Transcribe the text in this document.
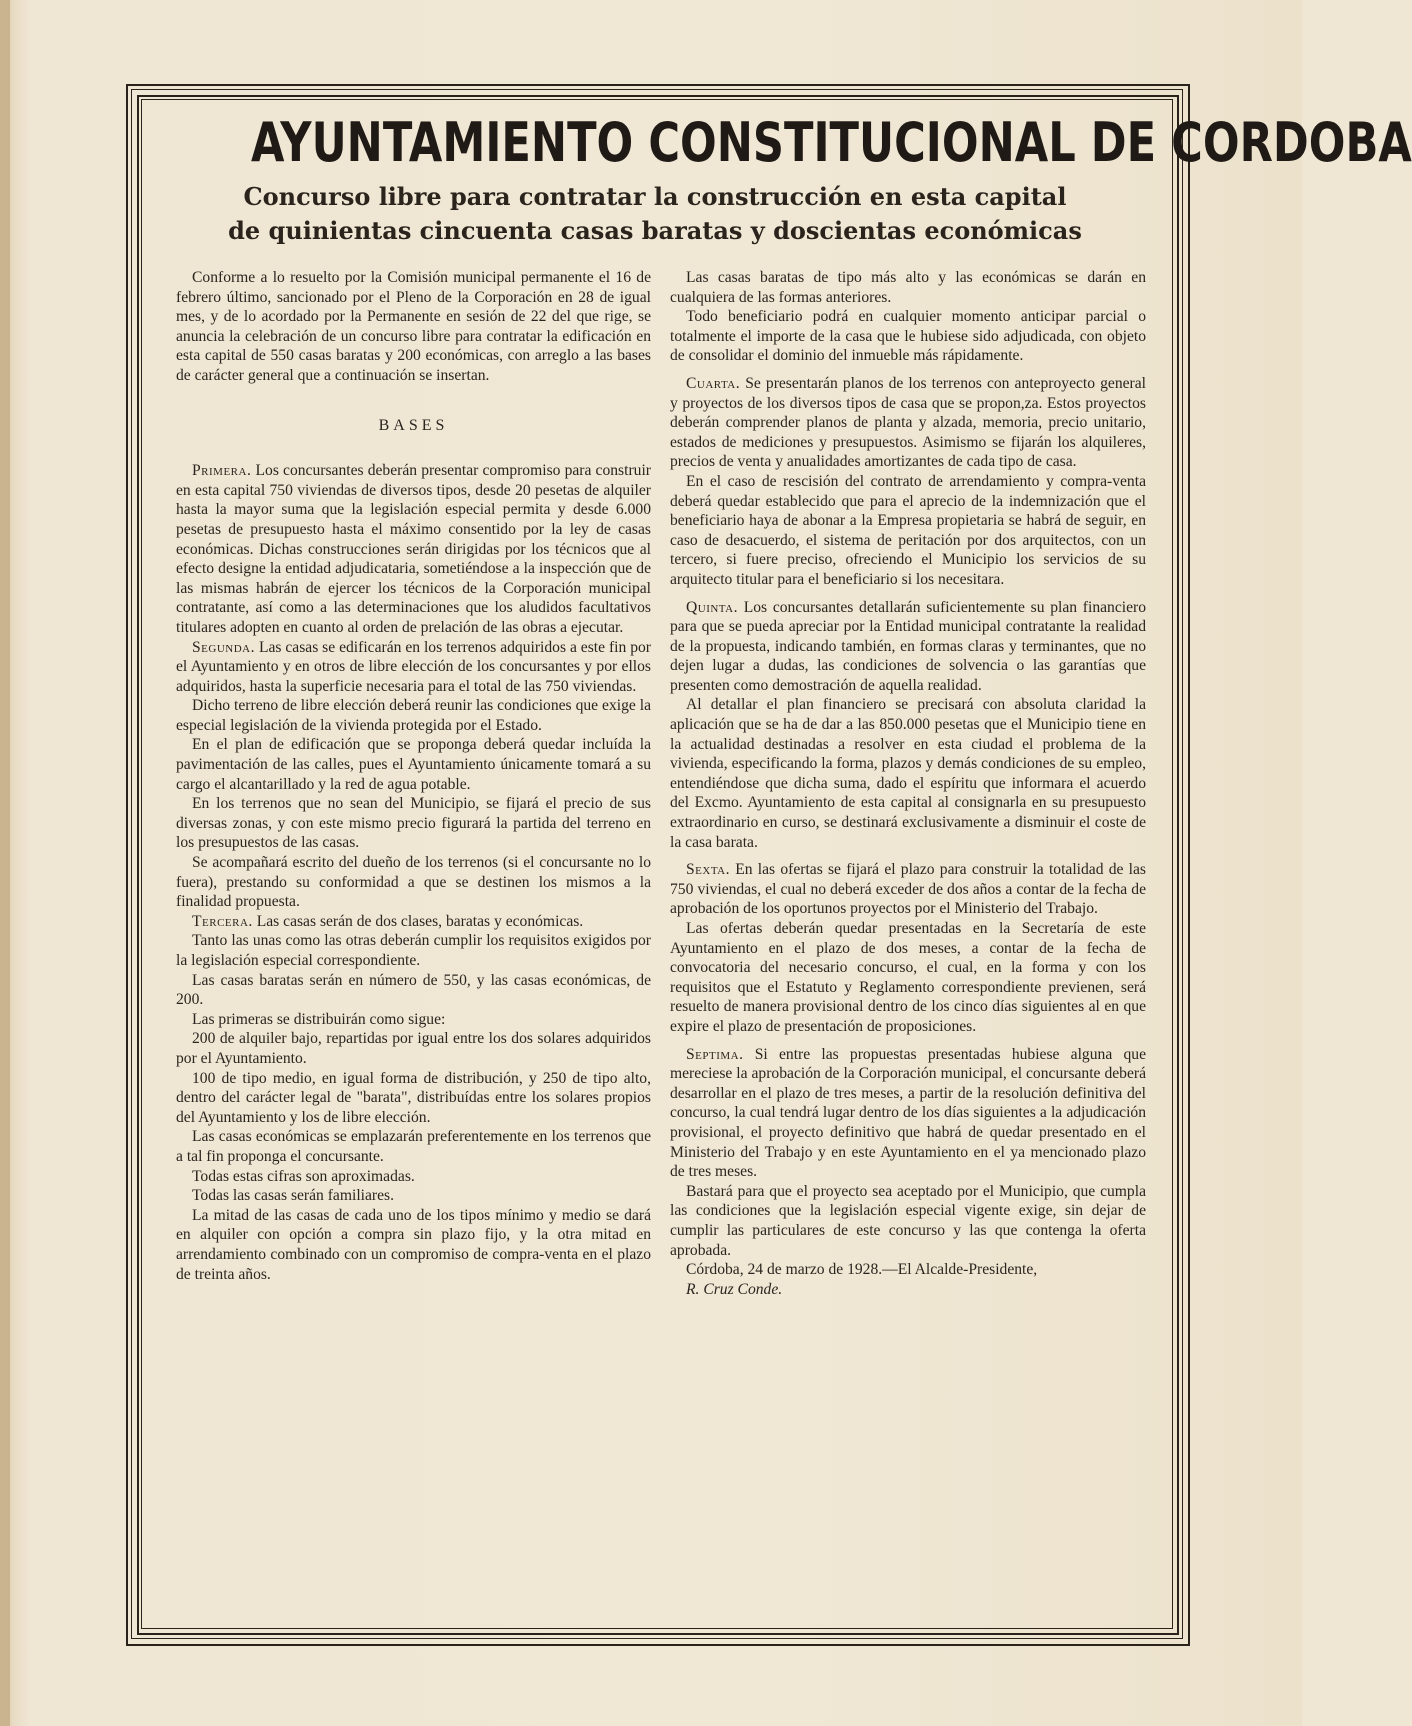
AYUNTAMIENTO CONSTITUCIONAL DE CORDOBA
Concurso libre para contratar la construcción en esta capital
de quinientas cincuenta casas baratas y doscientas económicas

Conforme a lo resuelto por la Comisión municipal permanente el 16 de febrero último, sancionado por el Pleno de la Corporación en 28 de igual mes, y de lo acordado por la Permanente en sesión de 22 del que rige, se anuncia la celebración de un concurso libre para contratar la edificación en esta capital de 550 casas baratas y 200 económicas, con arreglo a las bases de carácter general que a continuación se insertan.

BASES

Primera. Los concursantes deberán presentar compromiso para construir en esta capital 750 viviendas de diversos tipos, desde 20 pesetas de alquiler hasta la mayor suma que la legislación especial permita y desde 6.000 pesetas de presupuesto hasta el máximo consentido por la ley de casas económicas. Dichas construcciones serán dirigidas por los técnicos que al efecto designe la entidad adjudicataria, sometiéndose a la inspección que de las mismas habrán de ejercer los técnicos de la Corporación municipal contratante, así como a las determinaciones que los aludidos facultativos titulares adopten en cuanto al orden de prelación de las obras a ejecutar.

Segunda. Las casas se edificarán en los terrenos adquiridos a este fin por el Ayuntamiento y en otros de libre elección de los concursantes y por ellos adquiridos, hasta la superficie necesaria para el total de las 750 viviendas.

Dicho terreno de libre elección deberá reunir las condiciones que exige la especial legislación de la vivienda protegida por el Estado.

En el plan de edificación que se proponga deberá quedar incluída la pavimentación de las calles, pues el Ayuntamiento únicamente tomará a su cargo el alcantarillado y la red de agua potable.

En los terrenos que no sean del Municipio, se fijará el precio de sus diversas zonas, y con este mismo precio figurará la partida del terreno en los presupuestos de las casas.

Se acompañará escrito del dueño de los terrenos (si el concursante no lo fuera), prestando su conformidad a que se destinen los mismos a la finalidad propuesta.

Tercera. Las casas serán de dos clases, baratas y económicas.

Tanto las unas como las otras deberán cumplir los requisitos exigidos por la legislación especial correspondiente.

Las casas baratas serán en número de 550, y las casas económicas, de 200.

Las primeras se distribuirán como sigue:

200 de alquiler bajo, repartidas por igual entre los dos solares adquiridos por el Ayuntamiento.

100 de tipo medio, en igual forma de distribución, y 250 de tipo alto, dentro del carácter legal de "barata", distribuídas entre los solares propios del Ayuntamiento y los de libre elección.

Las casas económicas se emplazarán preferentemente en los terrenos que a tal fin proponga el concursante.

Todas estas cifras son aproximadas.

Todas las casas serán familiares.

La mitad de las casas de cada uno de los tipos mínimo y medio se dará en alquiler con opción a compra sin plazo fijo, y la otra mitad en arrendamiento combinado con un compromiso de compra-venta en el plazo de treinta años.

Las casas baratas de tipo más alto y las económicas se darán en cualquiera de las formas anteriores.

Todo beneficiario podrá en cualquier momento anticipar parcial o totalmente el importe de la casa que le hubiese sido adjudicada, con objeto de consolidar el dominio del inmueble más rápidamente.

Cuarta. Se presentarán planos de los terrenos con anteproyecto general y proyectos de los diversos tipos de casa que se propon,za. Estos proyectos deberán comprender planos de planta y alzada, memoria, precio unitario, estados de mediciones y presupuestos. Asimismo se fijarán los alquileres, precios de venta y anualidades amortizantes de cada tipo de casa.

En el caso de rescisión del contrato de arrendamiento y compra-venta deberá quedar establecido que para el aprecio de la indemnización que el beneficiario haya de abonar a la Empresa propietaria se habrá de seguir, en caso de desacuerdo, el sistema de peritación por dos arquitectos, con un tercero, si fuere preciso, ofreciendo el Municipio los servicios de su arquitecto titular para el beneficiario si los necesitara.

Quinta. Los concursantes detallarán suficientemente su plan financiero para que se pueda apreciar por la Entidad municipal contratante la realidad de la propuesta, indicando también, en formas claras y terminantes, que no dejen lugar a dudas, las condiciones de solvencia o las garantías que presenten como demostración de aquella realidad.

Al detallar el plan financiero se precisará con absoluta claridad la aplicación que se ha de dar a las 850.000 pesetas que el Municipio tiene en la actualidad destinadas a resolver en esta ciudad el problema de la vivienda, especificando la forma, plazos y demás condiciones de su empleo, entendiéndose que dicha suma, dado el espíritu que informara el acuerdo del Excmo. Ayuntamiento de esta capital al consignarla en su presupuesto extraordinario en curso, se destinará exclusivamente a disminuir el coste de la casa barata.

Sexta. En las ofertas se fijará el plazo para construir la totalidad de las 750 viviendas, el cual no deberá exceder de dos años a contar de la fecha de aprobación de los oportunos proyectos por el Ministerio del Trabajo.

Las ofertas deberán quedar presentadas en la Secretaría de este Ayuntamiento en el plazo de dos meses, a contar de la fecha de convocatoria del necesario concurso, el cual, en la forma y con los requisitos que el Estatuto y Reglamento correspondiente previenen, será resuelto de manera provisional dentro de los cinco días siguientes al en que expire el plazo de presentación de proposiciones.

Septima. Si entre las propuestas presentadas hubiese alguna que mereciese la aprobación de la Corporación municipal, el concursante deberá desarrollar en el plazo de tres meses, a partir de la resolución definitiva del concurso, la cual tendrá lugar dentro de los días siguientes a la adjudicación provisional, el proyecto definitivo que habrá de quedar presentado en el Ministerio del Trabajo y en este Ayuntamiento en el ya mencionado plazo de tres meses.

Bastará para que el proyecto sea aceptado por el Municipio, que cumpla las condiciones que la legislación especial vigente exige, sin dejar de cumplir las particulares de este concurso y las que contenga la oferta aprobada.

Córdoba, 24 de marzo de 1928.—El Alcalde-Presidente,

R. Cruz Conde.
